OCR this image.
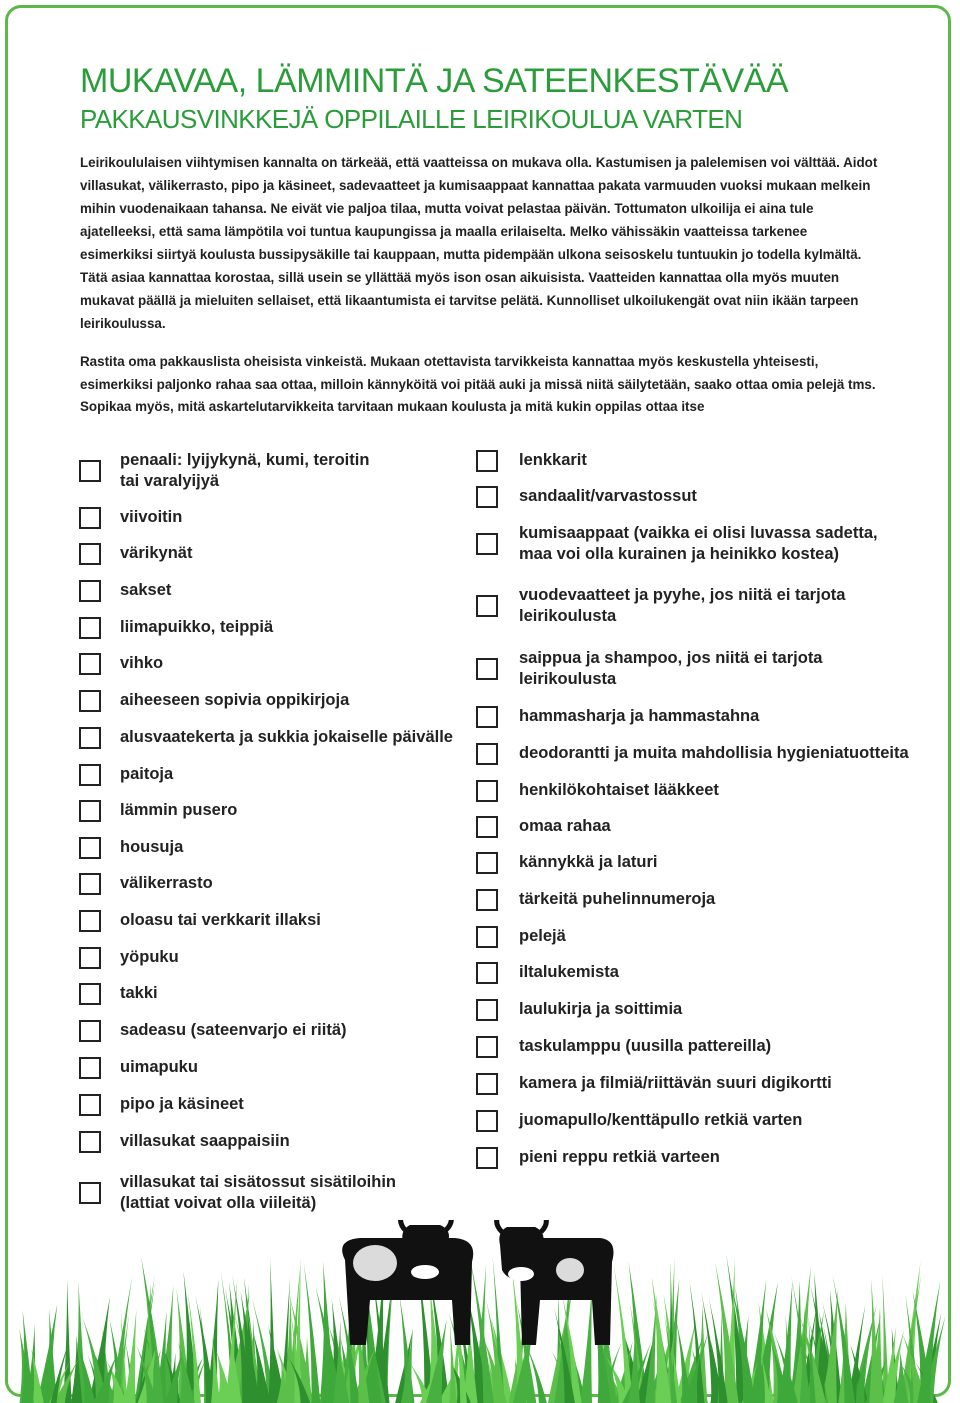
MUKAVAA, LÄMMINTÄ JA SATEENKESTÄVÄÄ
PAKKAUSVINKKEJÄ OPPILAILLE LEIRIKOULUA VARTEN

Leirikoululaisen viihtymisen kannalta on tärkeää, että vaatteissa on mukava olla. Kastumisen ja palelemisen voi välttää. Aidot villasukat, välikerrasto, pipo ja käsineet, sadevaatteet ja kumisaappaat kannattaa pakata varmuuden vuoksi mukaan melkein mihin vuodenaikaan tahansa. Ne eivät vie paljoa tilaa, mutta voivat pelastaa päivän. Tottumaton ulkoilija ei aina tule ajatelleeksi, että sama lämpötila voi tuntua kaupungissa ja maalla erilaiselta. Melko vähissäkin vaatteissa tarkenee esimerkiksi siirtyä koulusta bussipysäkille tai kauppaan, mutta pidempään ulkona seisoskelu tuntuukin jo todella kylmältä. Tätä asiaa kannattaa korostaa, sillä usein se yllättää myös ison osan aikuisista. Vaatteiden kannattaa olla myös muuten mukavat päällä ja mieluiten sellaiset, että likaantumista ei tarvitse pelätä. Kunnolliset ulkoilukengät ovat niin ikään tarpeen leirikoulussa.

Rastita oma pakkauslista oheisista vinkeistä. Mukaan otettavista tarvikkeista kannattaa myös keskustella yhteisesti, esimerkiksi paljonko rahaa saa ottaa, milloin kännyköitä voi pitää auki ja missä niitä säilytetään, saako ottaa omia pelejä tms. Sopikaa myös, mitä askartelutarvikkeita tarvitaan mukaan koulusta ja mitä kukin oppilas ottaa itse

penaali: lyijykynä, kumi, teroitin
tai varalyijyä
viivoitin
värikynät
sakset
liimapuikko, teippiä
vihko
aiheeseen sopivia oppikirjoja
alusvaatekerta ja sukkia jokaiselle päivälle
paitoja
lämmin pusero
housuja
välikerrasto
oloasu tai verkkarit illaksi
yöpuku
takki
sadeasu (sateenvarjo ei riitä)
uimapuku
pipo ja käsineet
villasukat saappaisiin
villasukat tai sisätossut sisätiloihin
(lattiat voivat olla viileitä)
lenkkarit
sandaalit/varvastossut
kumisaappaat (vaikka ei olisi luvassa sadetta,
maa voi olla kurainen ja heinikko kostea)
vuodevaatteet ja pyyhe, jos niitä ei tarjota
leirikoulusta
saippua ja shampoo, jos niitä ei tarjota
leirikoulusta
hammasharja ja hammastahna
deodorantti ja muita mahdollisia hygieniatuotteita
henkilökohtaiset lääkkeet
omaa rahaa
kännykkä ja laturi
tärkeitä puhelinnumeroja
pelejä
iltalukemista
laulukirja ja soittimia
taskulamppu (uusilla pattereilla)
kamera ja filmiä/riittävän suuri digikortti
juomapullo/kenttäpullo retkiä varten
pieni reppu retkiä varteen
